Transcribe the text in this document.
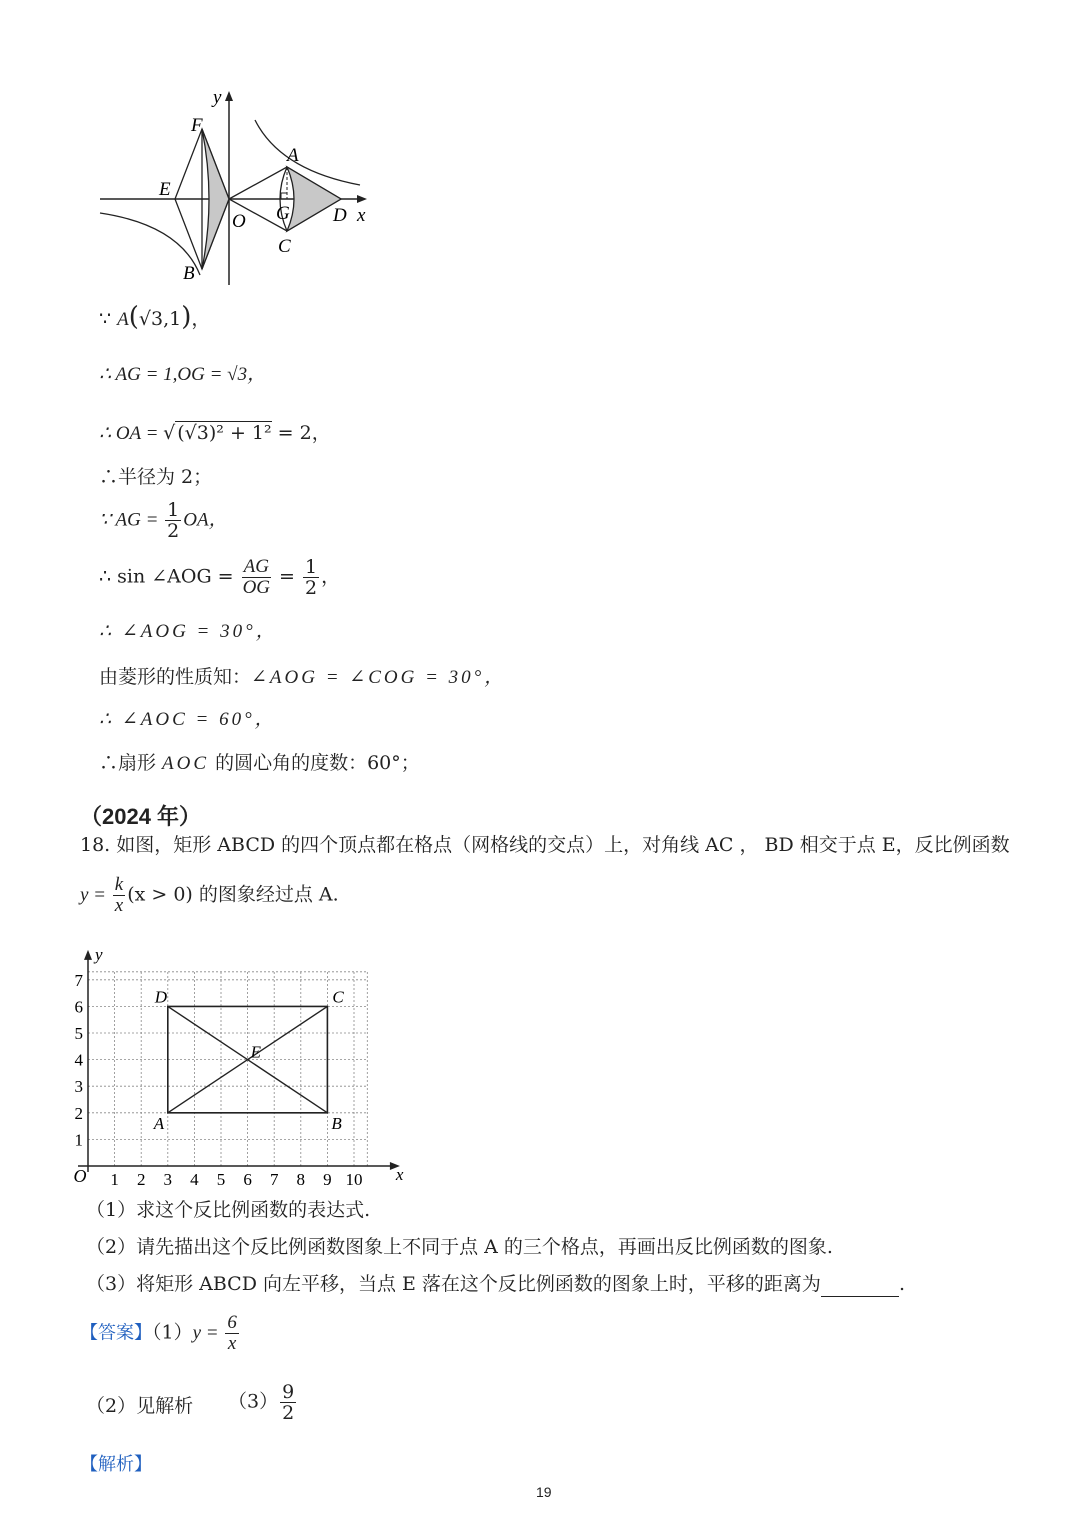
y
x
F
E
A
O G D
C
B
∵ A(√3,1)，
∴ AG = 1,OG = √3，
∴ OA = √ (√3)² + 1² = 2，
∴半径为 2；
∵ AG = $\frac{1}{2}$ OA，
∴ sin ∠AOG = $\frac{AG}{OG} = \frac{1}{2}$ ，
∴ ∠AOG = 30°，
由菱形的性质知：∠AOG = ∠COG = 30°，
∴ ∠AOC = 60°，
∴扇形 AOC 的圆心角的度数：60°；
（2024 年）
18. 如图，矩形 ABCD 的四个顶点都在格点（网格线的交点）上，对角线 AC ， BD 相交于点 E，反比例函数
$y = \frac{k}{x} (x > 0)$ 的图象经过点 A.
1 2 3 4 5 6 7 8 9 10
1
2
3
4
5
6
7
O	x
y
A	B
C
D
E
（1）求这个反比例函数的表达式.
（2）请先描出这个反比例函数图象上不同于点 A 的三个格点，再画出反比例函数的图象.
（3）将矩形 ABCD 向左平移，当点 E 落在这个反比例函数的图象上时，平移的距离为	.
【答案】$(1)y = \frac{6}{x}$
（2）见解析 $(3) \frac{9}{2}$
【解析】
19
